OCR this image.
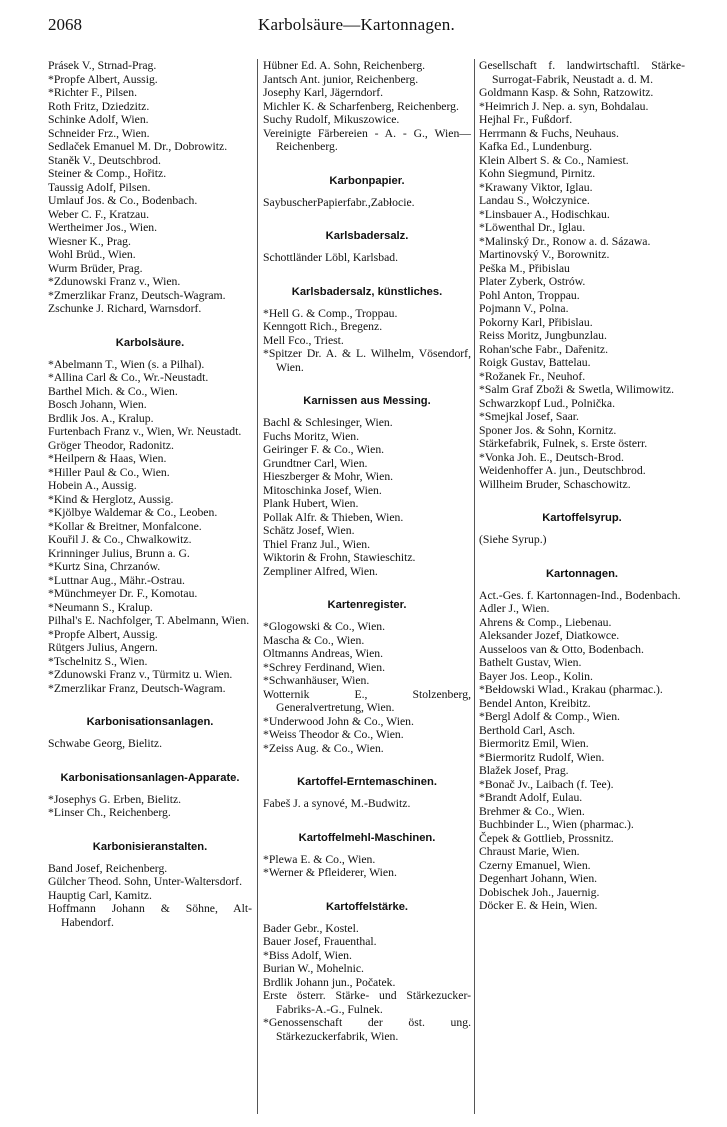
2068	Karbolsäure—Kartonnagen.
Prásek V., Strnad-Prag.
*Propfe Albert, Aussig.
*Richter F., Pilsen.
Roth Fritz, Dziedzitz.
Schinke Adolf, Wien.
Schneider Frz., Wien.
Sedlaček Emanuel M. Dr., Dobrowitz.
Staněk V., Deutschbrod.
Steiner & Comp., Hořitz.
Taussig Adolf, Pilsen.
Umlauf Jos. & Co., Bodenbach.
Weber C. F., Kratzau.
Wertheimer Jos., Wien.
Wiesner K., Prag.
Wohl Brüd., Wien.
Wurm Brüder, Prag.
*Zdunowski Franz v., Wien.
*Zmerzlikar Franz, Deutsch-Wagram.
Zschunke J. Richard, Warnsdorf.
Karbolsäure.
*Abelmann T., Wien (s. a Pilhal).
*Allina Carl & Co., Wr.-Neustadt.
Barthel Mich. & Co., Wien.
Bosch Johann, Wien.
Brdlik Jos. A., Kralup.
Furtenbach Franz v., Wien, Wr. Neustadt.
Gröger Theodor, Radonitz.
*Heilpern & Haas, Wien.
*Hiller Paul & Co., Wien.
Hobein A., Aussig.
*Kind & Herglotz, Aussig.
*Kjölbye Waldemar & Co., Leoben.
*Kollar & Breitner, Monfalcone.
Kouřil J. & Co., Chwalkowitz.
Krinninger Julius, Brunn a. G.
*Kurtz Sina, Chrzanów.
*Luttnar Aug., Mähr.-Ostrau.
*Münchmeyer Dr. F., Komotau.
*Neumann S., Kralup.
Pilhal's E. Nachfolger, T. Abelmann, Wien.
*Propfe Albert, Aussig.
Rütgers Julius, Angern.
*Tschelnitz S., Wien.
*Zdunowski Franz v., Türmitz u. Wien.
*Zmerzlikar Franz, Deutsch-Wagram.
Karbonisationsanlagen.
Schwabe Georg, Bielitz.
Karbonisationsanlagen-Apparate.
*Josephys G. Erben, Bielitz.
*Linser Ch., Reichenberg.
Karbonisieranstalten.
Band Josef, Reichenberg.
Gülcher Theod. Sohn, Unter-Waltersdorf.
Hauptig Carl, Kamitz.
Hoffmann Johann & Söhne, Alt-Habendorf.
Hübner Ed. A. Sohn, Reichenberg.
Jantsch Ant. junior, Reichenberg.
Josephy Karl, Jägerndorf.
Michler K. & Scharfenberg, Reichenberg.
Suchy Rudolf, Mikuszowice.
Vereinigte Färbereien - A. - G., Wien—Reichenberg.
Karbonpapier.
SaybuscherPapierfabr.,Zabłocie.
Karlsbadersalz.
Schottländer Löbl, Karlsbad.
Karlsbadersalz, künstliches.
*Hell G. & Comp., Troppau.
Kenngott Rich., Bregenz.
Mell Fco., Triest.
*Spitzer Dr. A. & L. Wilhelm, Vösendorf, Wien.
Karnissen aus Messing.
Bachl & Schlesinger, Wien.
Fuchs Moritz, Wien.
Geiringer F. & Co., Wien.
Grundtner Carl, Wien.
Hieszberger & Mohr, Wien.
Mitoschinka Josef, Wien.
Plank Hubert, Wien.
Pollak Alfr. & Thieben, Wien.
Schätz Josef, Wien.
Thiel Franz Jul., Wien.
Wiktorin & Frohn, Stawieschitz.
Zempliner Alfred, Wien.
Kartenregister.
*Glogowski & Co., Wien.
Mascha & Co., Wien.
Oltmanns Andreas, Wien.
*Schrey Ferdinand, Wien.
*Schwanhäuser, Wien.
Wotternik E., Stolzenberg, Generalvertretung, Wien.
*Underwood John & Co., Wien.
*Weiss Theodor & Co., Wien.
*Zeiss Aug. & Co., Wien.
Kartoffel-Erntemaschinen.
Fabeš J. a synové, M.-Budwitz.
Kartoffelmehl-Maschinen.
*Plewa E. & Co., Wien.
*Werner & Pfleiderer, Wien.
Kartoffelstärke.
Bader Gebr., Kostel.
Bauer Josef, Frauenthal.
*Biss Adolf, Wien.
Burian W., Mohelnic.
Brdlik Johann jun., Počatek.
Erste österr. Stärke- und Stärkezucker-Fabriks-A.-G., Fulnek.
*Genossenschaft der öst. ung. Stärkezuckerfabrik, Wien.
Gesellschaft f. landwirtschaftl. Stärke-Surrogat-Fabrik, Neustadt a. d. M.
Goldmann Kasp. & Sohn, Ratzowitz.
*Heimrich J. Nep. a. syn, Bohdalau.
Hejhal Fr., Fußdorf.
Herrmann & Fuchs, Neuhaus.
Kafka Ed., Lundenburg.
Klein Albert S. & Co., Namiest.
Kohn Siegmund, Pirnitz.
*Krawany Viktor, Iglau.
Landau S., Wołczynice.
*Linsbauer A., Hodischkau.
*Löwenthal Dr., Iglau.
*Malinský Dr., Ronow a. d. Sázawa.
Martinovský V., Borownitz.
Peška M., Přibislau
Plater Zyberk, Ostrów.
Pohl Anton, Troppau.
Pojmann V., Polna.
Pokorny Karl, Přibislau.
Reiss Moritz, Jungbunzlau.
Rohan'sche Fabr., Dařenitz.
Roigk Gustav, Battelau.
*Rožanek Fr., Neuhof.
*Salm Graf Zboži & Swetla, Wilimowitz.
Schwarzkopf Lud., Polnička.
*Smejkal Josef, Saar.
Sponer Jos. & Sohn, Kornitz.
Stärkefabrik, Fulnek, s. Erste österr.
*Vonka Joh. E., Deutsch-Brod.
Weidenhoffer A. jun., Deutschbrod.
Willheim Bruder, Schaschowitz.
Kartoffelsyrup.
(Siehe Syrup.)
Kartonnagen.
Act.-Ges. f. Kartonnagen-Ind., Bodenbach.
Adler J., Wien.
Ahrens & Comp., Liebenau.
Aleksander Jozef, Diatkowce.
Ausseloos van & Otto, Bodenbach.
Bathelt Gustav, Wien.
Bayer Jos. Leop., Kolin.
*Bełdowski Wlad., Krakau (pharmac.).
Bendel Anton, Kreibitz.
*Bergl Adolf & Comp., Wien.
Berthold Carl, Asch.
Biermoritz Emil, Wien.
*Biermoritz Rudolf, Wien.
Blažek Josef, Prag.
*Bonač Jv., Laibach (f. Tee).
*Brandt Adolf, Eulau.
Brehmer & Co., Wien.
Buchbinder L., Wien (pharmac.).
Čepek & Gottlieb, Prossnitz.
Chraust Marie, Wien.
Czerny Emanuel, Wien.
Degenhart Johann, Wien.
Dobischek Joh., Jauernig.
Döcker E. & Hein, Wien.
